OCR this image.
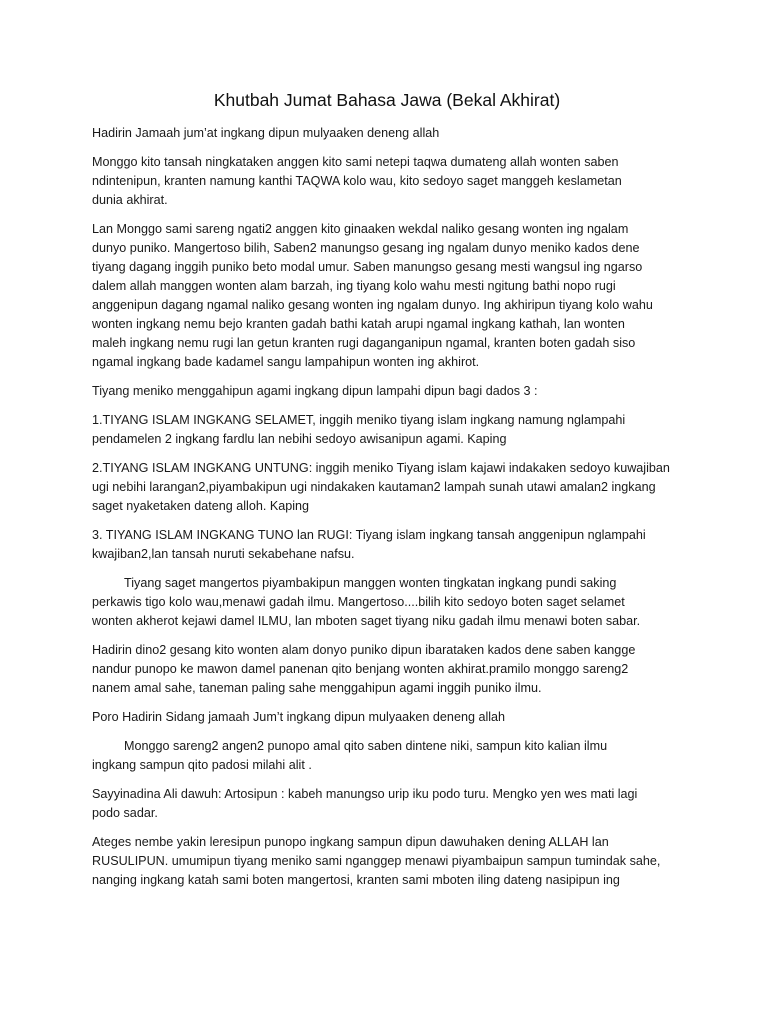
Khutbah Jumat Bahasa Jawa (Bekal Akhirat)

Hadirin Jamaah jum’at ingkang dipun mulyaaken deneng allah

Monggo kito tansah ningkataken anggen kito sami netepi taqwa dumateng allah wonten saben
ndintenipun, kranten namung kanthi TAQWA kolo wau, kito sedoyo saget manggeh keslametan
dunia akhirat.

Lan Monggo sami sareng ngati2 anggen kito ginaaken wekdal naliko gesang wonten ing ngalam
dunyo puniko. Mangertoso bilih, Saben2 manungso gesang ing ngalam dunyo meniko kados dene
tiyang dagang inggih puniko beto modal umur. Saben manungso gesang mesti wangsul ing ngarso
dalem allah manggen wonten alam barzah, ing tiyang kolo wahu mesti ngitung bathi nopo rugi
anggenipun dagang ngamal naliko gesang wonten ing ngalam dunyo. Ing akhiripun tiyang kolo wahu
wonten ingkang nemu bejo kranten gadah bathi katah arupi ngamal ingkang kathah, lan wonten
maleh ingkang nemu rugi lan getun kranten rugi daganganipun ngamal, kranten boten gadah siso
ngamal ingkang bade kadamel sangu lampahipun wonten ing akhirot.

Tiyang meniko menggahipun agami ingkang dipun lampahi dipun bagi dados 3 :

1.TIYANG ISLAM INGKANG SELAMET, inggih meniko tiyang islam ingkang namung nglampahi
pendamelen 2 ingkang fardlu lan nebihi sedoyo awisanipun agami. Kaping

2.TIYANG ISLAM INGKANG UNTUNG: inggih meniko Tiyang islam kajawi indakaken sedoyo kuwajiban
ugi nebihi larangan2,piyambakipun ugi nindakaken kautaman2 lampah sunah utawi amalan2 ingkang
saget nyaketaken dateng alloh. Kaping

3. TIYANG ISLAM INGKANG TUNO lan RUGI: Tiyang islam ingkang tansah anggenipun nglampahi
kwajiban2,lan tansah nuruti sekabehane nafsu.

Tiyang saget mangertos piyambakipun manggen wonten tingkatan ingkang pundi saking
perkawis tigo kolo wau,menawi gadah ilmu. Mangertoso....bilih kito sedoyo boten saget selamet
wonten akherot kejawi damel ILMU, lan mboten saget tiyang niku gadah ilmu menawi boten sabar.

Hadirin dino2 gesang kito wonten alam donyo puniko dipun ibarataken kados dene saben kangge
nandur punopo ke mawon damel panenan qito benjang wonten akhirat.pramilo monggo sareng2
nanem amal sahe, taneman paling sahe menggahipun agami inggih puniko ilmu.

Poro Hadirin Sidang jamaah Jum’t ingkang dipun mulyaaken deneng allah

Monggo sareng2 angen2 punopo amal qito saben dintene niki, sampun kito kalian ilmu
ingkang sampun qito padosi milahi alit .

Sayyinadina Ali dawuh: Artosipun : kabeh manungso urip iku podo turu. Mengko yen wes mati lagi
podo sadar.

Ateges nembe yakin leresipun punopo ingkang sampun dipun dawuhaken dening ALLAH lan
RUSULIPUN. umumipun tiyang meniko sami nganggep menawi piyambaipun sampun tumindak sahe,
nanging ingkang katah sami boten mangertosi, kranten sami mboten iling dateng nasipipun ing
